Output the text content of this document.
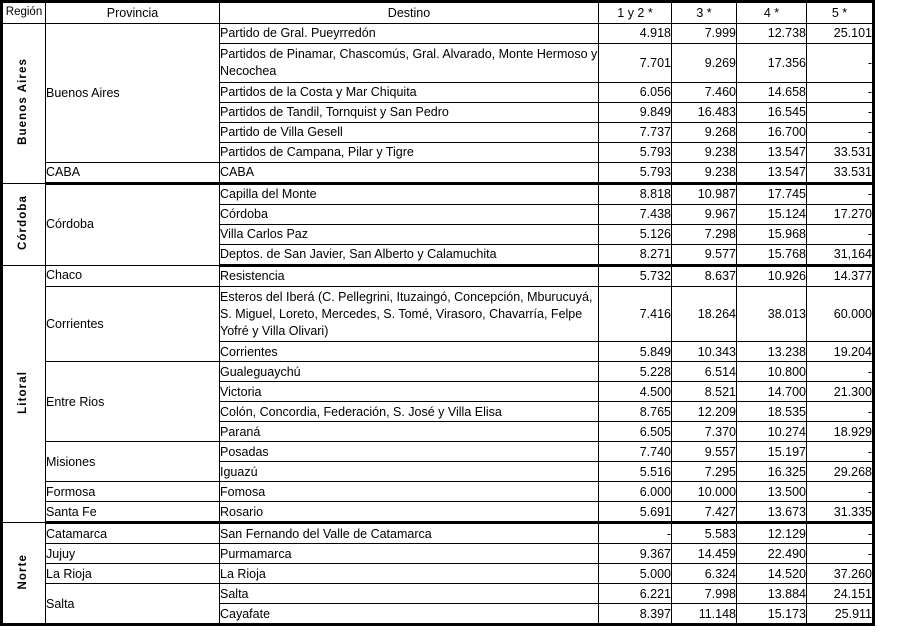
Región	Provincia	Destino	1 y 2 *	3 *	4 *	5 *
Buenos Aires	Buenos Aires	Partido de Gral. Pueyrredón	4.918	7.999	12.738	25.101
		Partidos de Pinamar, Chascomús, Gral. Alvarado, Monte Hermoso y Necochea	7.701	9.269	17.356	-
		Partidos de la Costa y Mar Chiquita	6.056	7.460	14.658	-
		Partidos de Tandil, Tornquist y San Pedro	9.849	16.483	16.545	-
		Partido de Villa Gesell	7.737	9.268	16.700	-
		Partidos de Campana, Pilar y Tigre	5.793	9.238	13.547	33.531
	CABA	CABA	5.793	9.238	13.547	33.531
Córdoba	Córdoba	Capilla del Monte	8.818	10.987	17.745	-
		Córdoba	7.438	9.967	15.124	17.270
		Villa Carlos Paz	5.126	7.298	15.968	-
		Deptos. de San Javier, San Alberto y Calamuchita	8.271	9.577	15.768	31,164
Litoral	Chaco	Resistencia	5.732	8.637	10.926	14.377
	Corrientes	Esteros del Iberá (C. Pellegrini, Ituzaingó, Concepción, Mburucuyá, S. Miguel, Loreto, Mercedes, S. Tomé, Virasoro, Chavarría, Felpe Yofré y Villa Olivari)	7.416	18.264	38.013	60.000
		Corrientes	5.849	10.343	13.238	19.204
	Entre Rios	Gualeguaychú	5.228	6.514	10.800	-
		Victoria	4.500	8.521	14.700	21.300
		Colón, Concordia, Federación, S. José y Villa Elisa	8.765	12.209	18.535	-
		Paraná	6.505	7.370	10.274	18.929
	Misiones	Posadas	7.740	9.557	15.197	-
		Iguazú	5.516	7.295	16.325	29.268
	Formosa	Fomosa	6.000	10.000	13.500	-
	Santa Fe	Rosario	5.691	7.427	13.673	31.335
Norte	Catamarca	San Fernando del Valle de Catamarca	-	5.583	12.129	-
	Jujuy	Purmamarca	9.367	14.459	22.490	-
	La Rioja	La Rioja	5.000	6.324	14.520	37.260
	Salta	Salta	6.221	7.998	13.884	24.151
		Cayafate	8.397	11.148	15.173	25.911
